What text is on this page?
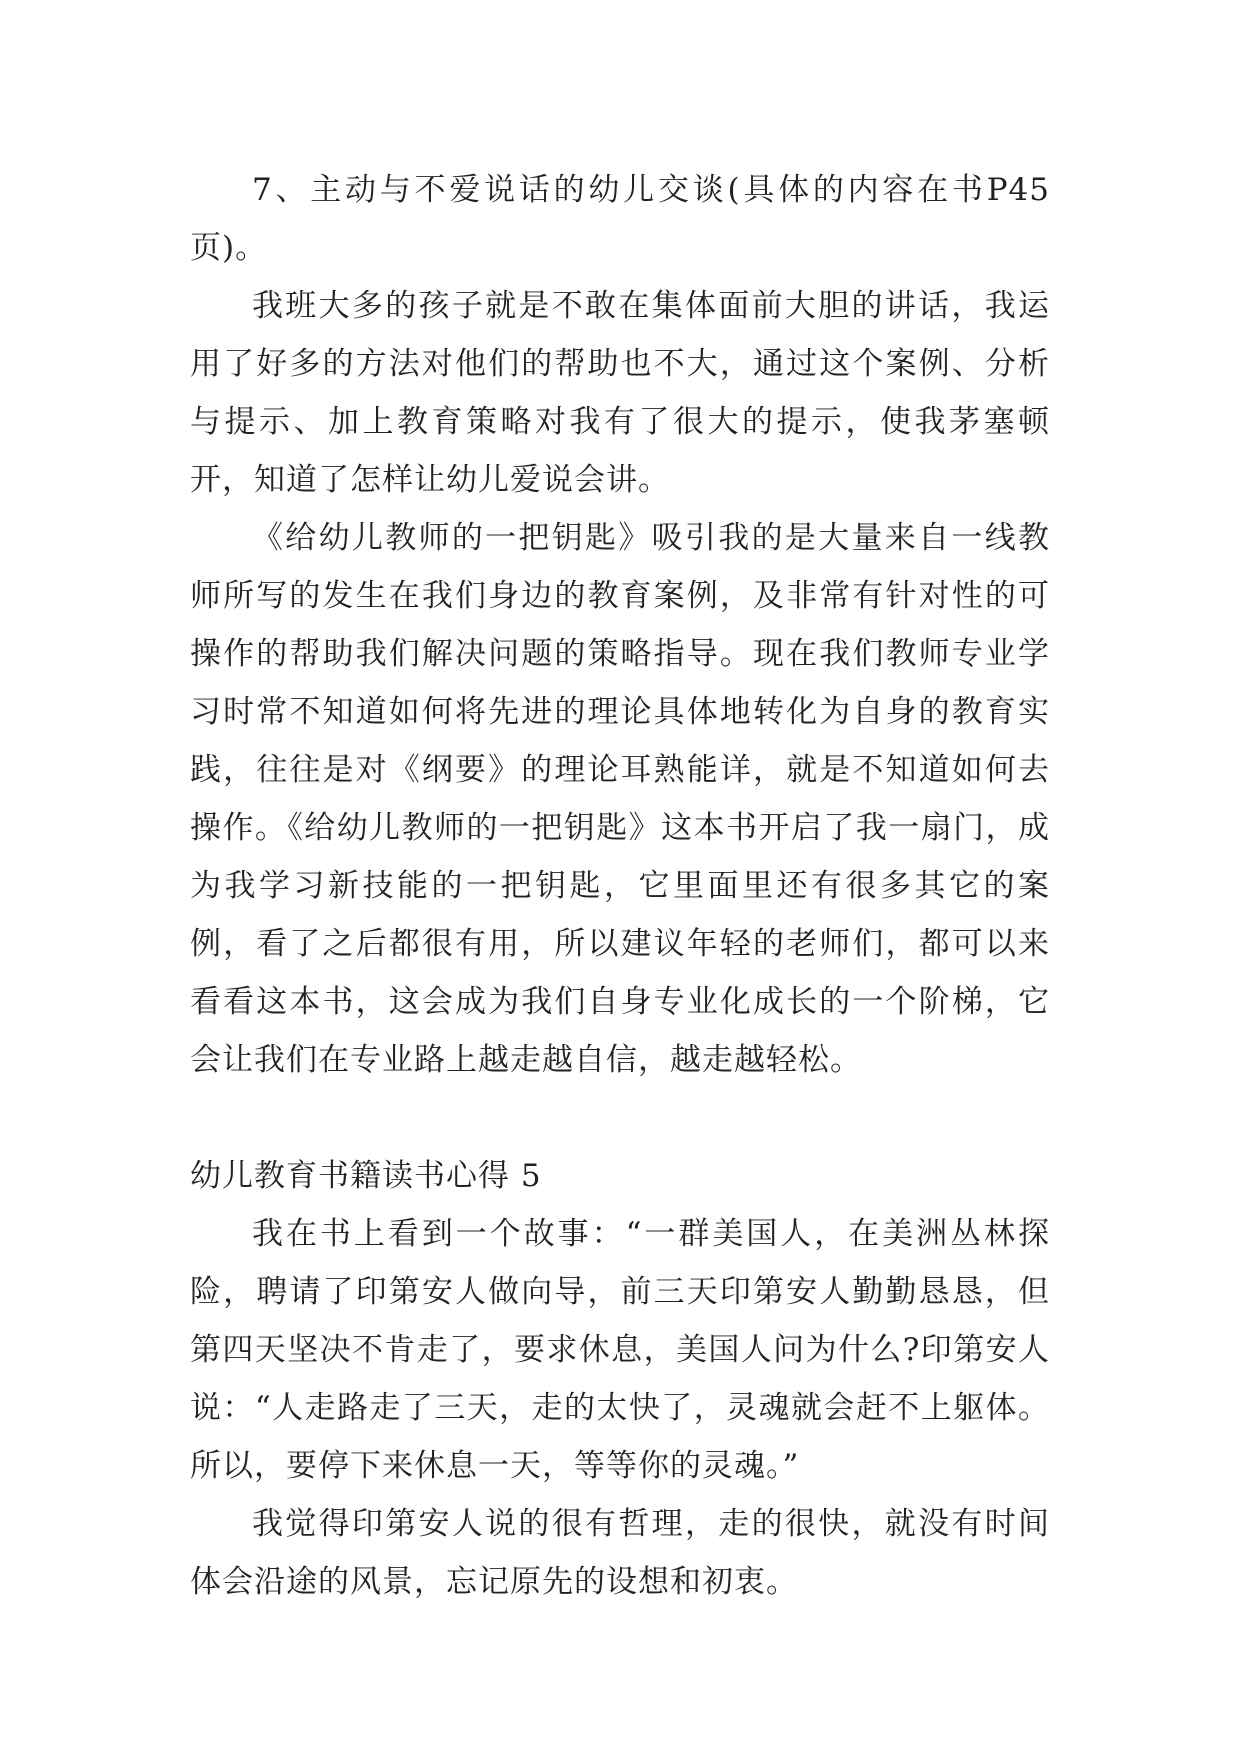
7、主动与不爱说话的幼儿交谈(具体的内容在书P45页)。

我班大多的孩子就是不敢在集体面前大胆的讲话，我运用了好多的方法对他们的帮助也不大，通过这个案例、分析与提示、加上教育策略对我有了很大的提示，使我茅塞顿开，知道了怎样让幼儿爱说会讲。

《给幼儿教师的一把钥匙》吸引我的是大量来自一线教师所写的发生在我们身边的教育案例，及非常有针对性的可操作的帮助我们解决问题的策略指导。现在我们教师专业学习时常不知道如何将先进的理论具体地转化为自身的教育实践，往往是对《纲要》的理论耳熟能详，就是不知道如何去操作。《给幼儿教师的一把钥匙》这本书开启了我一扇门，成为我学习新技能的一把钥匙，它里面里还有很多其它的案例，看了之后都很有用，所以建议年轻的老师们，都可以来看看这本书，这会成为我们自身专业化成长的一个阶梯，它会让我们在专业路上越走越自信，越走越轻松。

幼儿教育书籍读书心得 5

我在书上看到一个故事：“一群美国人，在美洲丛林探险，聘请了印第安人做向导，前三天印第安人勤勤恳恳，但第四天坚决不肯走了，要求休息，美国人问为什么?印第安人说：“人走路走了三天，走的太快了，灵魂就会赶不上躯体。所以，要停下来休息一天，等等你的灵魂。”

我觉得印第安人说的很有哲理，走的很快，就没有时间体会沿途的风景，忘记原先的设想和初衷。
